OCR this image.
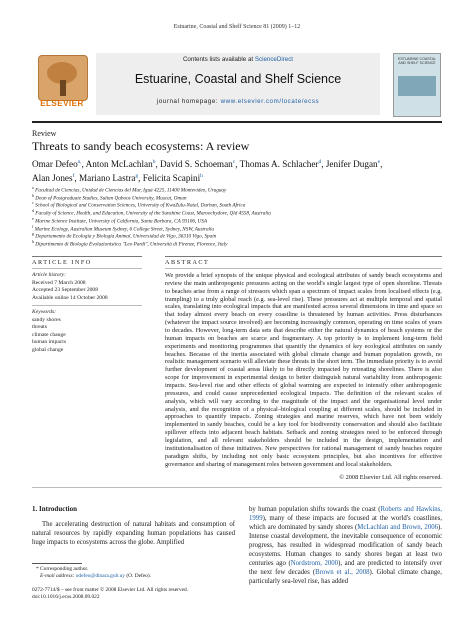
Estuarine, Coastal and Shelf Science 81 (2009) 1–12
ELSEVIER
Contents lists available at ScienceDirect
Estuarine, Coastal and Shelf Science
journal homepage: www.elsevier.com/locate/ecss
ESTUARINE COASTAL AND SHELF SCIENCE
Review
Threats to sandy beach ecosystems: A review
Omar Defeo$^{a,}$, Anton McLachlan$^b$, David S. Schoeman$^c$, Thomas A. Schlacher$^d$, Jenifer Dugan$^e$,
Alan Jones$^f$, Mariano Lastra$^g$, Felicita Scapini$^h$
$^a$ Facultad de Ciencias, Unidad de Ciencias del Mar, Iguá 4225, 11400 Montevideo, Uruguay
$^b$ Dean of Postgraduate Studies, Sultan Qaboos University, Muscat, Oman
$^c$ School of Biological and Conservation Sciences, University of KwaZulu-Natal, Durban, South Africa
$^d$ Faculty of Science, Health, and Education, University of the Sunshine Coast, Maroochydore, Qld 4558, Australia
$^e$ Marine Science Institute, University of California, Santa Barbara, CA 93106, USA
$^f$ Marine Ecology, Australian Museum Sydney, 6 College Street, Sydney, NSW, Australia
$^g$ Departamento de Ecología y Biología Animal, Universidad de Vigo, 36310 Vigo, Spain
$^h$ Dipartimento di Biologia Evoluzionistica "Leo Pardi", Università di Firenze, Florence, Italy
ARTICLE INFO	ABSTRACT
Article history:
Received 7 March 2008
Accepted 23 September 2008
Available online 14 October 2008
Keywords:
sandy shores
threats
climate change
human impacts
global change
We provide a brief synopsis of the unique physical and ecological attributes of sandy beach ecosystems and review the main anthropogenic pressures acting on the world's single largest type of open shoreline. Threats to beaches arise from a range of stressors which span a spectrum of impact scales from localised effects (e.g. trampling) to a truly global reach (e.g. sea-level rise). These pressures act at multiple temporal and spatial scales, translating into ecological impacts that are manifested across several dimensions in time and space so that today almost every beach on every coastline is threatened by human activities. Press disturbances (whatever the impact source involved) are becoming increasingly common, operating on time scales of years to decades. However, long-term data sets that describe either the natural dynamics of beach systems or the human impacts on beaches are scarce and fragmentary. A top priority is to implement long-term field experiments and monitoring programmes that quantify the dynamics of key ecological attributes on sandy beaches. Because of the inertia associated with global climate change and human population growth, no realistic management scenario will alleviate these threats in the short term. The immediate priority is to avoid further development of coastal areas likely to be directly impacted by retreating shorelines. There is also scope for improvement in experimental design to better distinguish natural variability from anthropogenic impacts. Sea-level rise and other effects of global warming are expected to intensify other anthropogenic pressures, and could cause unprecedented ecological impacts. The definition of the relevant scales of analysis, which will vary according to the magnitude of the impact and the organisational level under analysis, and the recognition of a physical–biological coupling at different scales, should be included in approaches to quantify impacts. Zoning strategies and marine reserves, which have not been widely implemented in sandy beaches, could be a key tool for biodiversity conservation and should also facilitate spillover effects into adjacent beach habitats. Setback and zoning strategies need to be enforced through legislation, and all relevant stakeholders should be included in the design, implementation and institutionalisation of these initiatives. New perspectives for rational management of sandy beaches require paradigm shifts, by including not only basic ecosystem principles, but also incentives for effective governance and sharing of management roles between government and local stakeholders.
© 2008 Elsevier Ltd. All rights reserved.
1. Introduction
The accelerating destruction of natural habitats and consumption of natural resources by rapidly expanding human populations has caused huge impacts to ecosystems across the globe. Amplified
by human population shifts towards the coast (Roberts and Hawkins, 1999), many of these impacts are focused at the world's coastlines, which are dominated by sandy shores (McLachlan and Brown, 2006). Intense coastal development, the inevitable consequence of economic progress, has resulted in widespread modification of sandy beach ecosystems. Human changes to sandy shores began at least two centuries ago (Nordstrom, 2000), and are predicted to intensify over the next few decades (Brown et al., 2008). Global climate change, particularly sea-level rise, has added
* Corresponding author.
E-mail address: odefeo@dinara.gub.uy (O. Defeo).
0272-7714/$ – see front matter © 2008 Elsevier Ltd. All rights reserved.
doi:10.1016/j.ecss.2008.09.022
